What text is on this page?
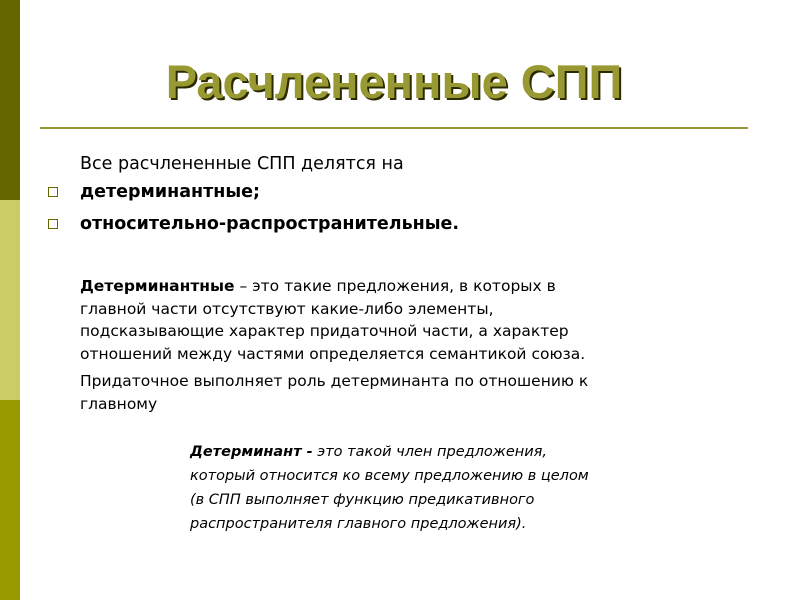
Расчлененные СПП
Все расчлененные СПП делятся на
детерминантные;
относительно-распространительные.
Детерминантные – это такие предложения, в которых в
главной части отсутствуют какие-либо элементы,
подсказывающие характер придаточной части, а характер
отношений между частями определяется семантикой союза.
Придаточное выполняет роль детерминанта по отношению к
главному
Детерминант - это такой член предложения,
который относится ко всему предложению в целом
(в СПП выполняет функцию предикативного
распространителя главного предложения).
